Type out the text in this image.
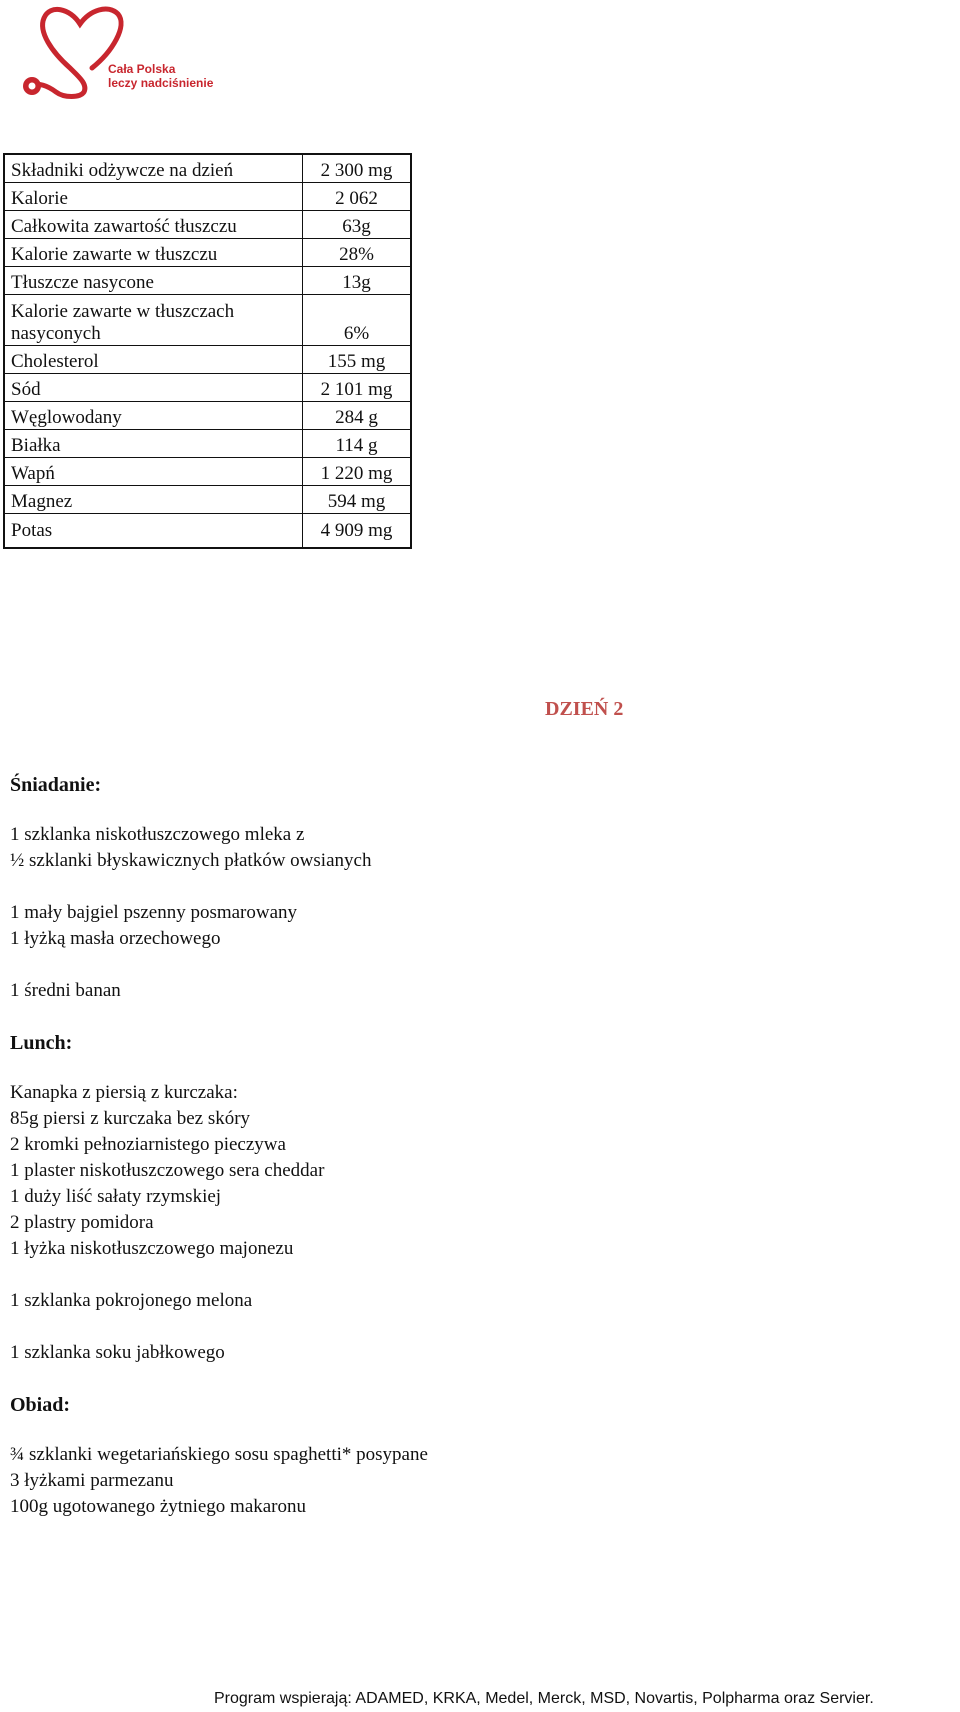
Cała Polska
leczy nadciśnienie
Składniki odżywcze na dzień	2 300 mg
Kalorie	2 062
Całkowita zawartość tłuszczu	63g
Kalorie zawarte w tłuszczu	28%
Tłuszcze nasycone	13g

Kalorie zawarte w tłuszczach
nasyconych	6%
Cholesterol	155 mg
Sód	2 101 mg
Węglowodany	284 g
Białka	114 g
Wapń	1 220 mg
Magnez	594 mg
Potas	4 909 mg
DZIEŃ 2
Śniadanie:
1 szklanka niskotłuszczowego mleka z
½ szklanki błyskawicznych płatków owsianych
1 mały bajgiel pszenny posmarowany
1 łyżką masła orzechowego
1 średni banan
Lunch:
Kanapka z piersią z kurczaka:
85g piersi z kurczaka bez skóry
2 kromki pełnoziarnistego pieczywa
1 plaster niskotłuszczowego sera cheddar
1 duży liść sałaty rzymskiej
2 plastry pomidora
1 łyżka niskotłuszczowego majonezu
1 szklanka pokrojonego melona
1 szklanka soku jabłkowego
Obiad:
¾ szklanki wegetariańskiego sosu spaghetti* posypane
3 łyżkami parmezanu
100g ugotowanego żytniego makaronu
Program wspierają: ADAMED, KRKA, Medel, Merck, MSD, Novartis, Polpharma oraz Servier.
